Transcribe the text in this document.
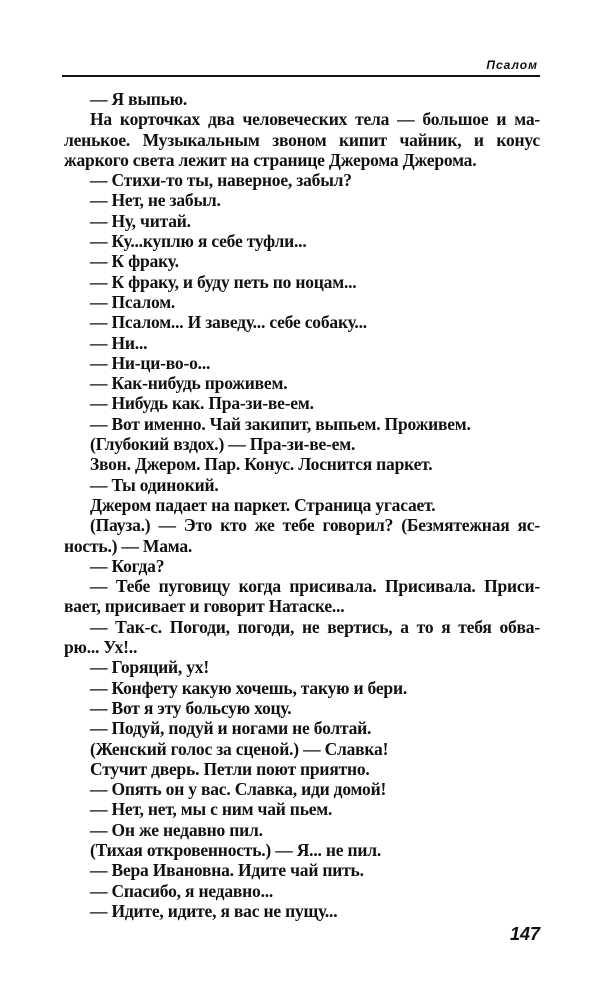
Псалом
— Я выпью.
На корточках два человеческих тела — большое и ма-
ленькое. Музыкальным звоном кипит чайник, и конус
жаркого света лежит на странице Джерома Джерома.
— Стихи-то ты, наверное, забыл?
— Нет, не забыл.
— Ну, читай.
— Ку...куплю я себе туфли...
— К фраку.
— К фраку, и буду петь по ноцам...
— Псалом.
— Псалом... И заведу... себе собаку...
— Ни...
— Ни-ци-во-о...
— Как-нибудь проживем.
— Нибудь как. Пра-зи-ве-ем.
— Вот именно. Чай закипит, выпьем. Проживем.
(Глубокий вздох.) — Пра-зи-ве-ем.
Звон. Джером. Пар. Конус. Лоснится паркет.
— Ты одинокий.
Джером падает на паркет. Страница угасает.
(Пауза.) — Это кто же тебе говорил? (Безмятежная яс-
ность.) — Мама.
— Когда?
— Тебе пуговицу когда присивала. Присивала. Приси-
вает, присивает и говорит Натаске...
— Так-с. Погоди, погоди, не вертись, а то я тебя обва-
рю... Ух!..
— Горяций, ух!
— Конфету какую хочешь, такую и бери.
— Вот я эту больсую хоцу.
— Подуй, подуй и ногами не болтай.
(Женский голос за сценой.) — Славка!
Стучит дверь. Петли поют приятно.
— Опять он у вас. Славка, иди домой!
— Нет, нет, мы с ним чай пьем.
— Он же недавно пил.
(Тихая откровенность.) — Я... не пил.
— Вера Ивановна. Идите чай пить.
— Спасибо, я недавно...
— Идите, идите, я вас не пущу...
147
